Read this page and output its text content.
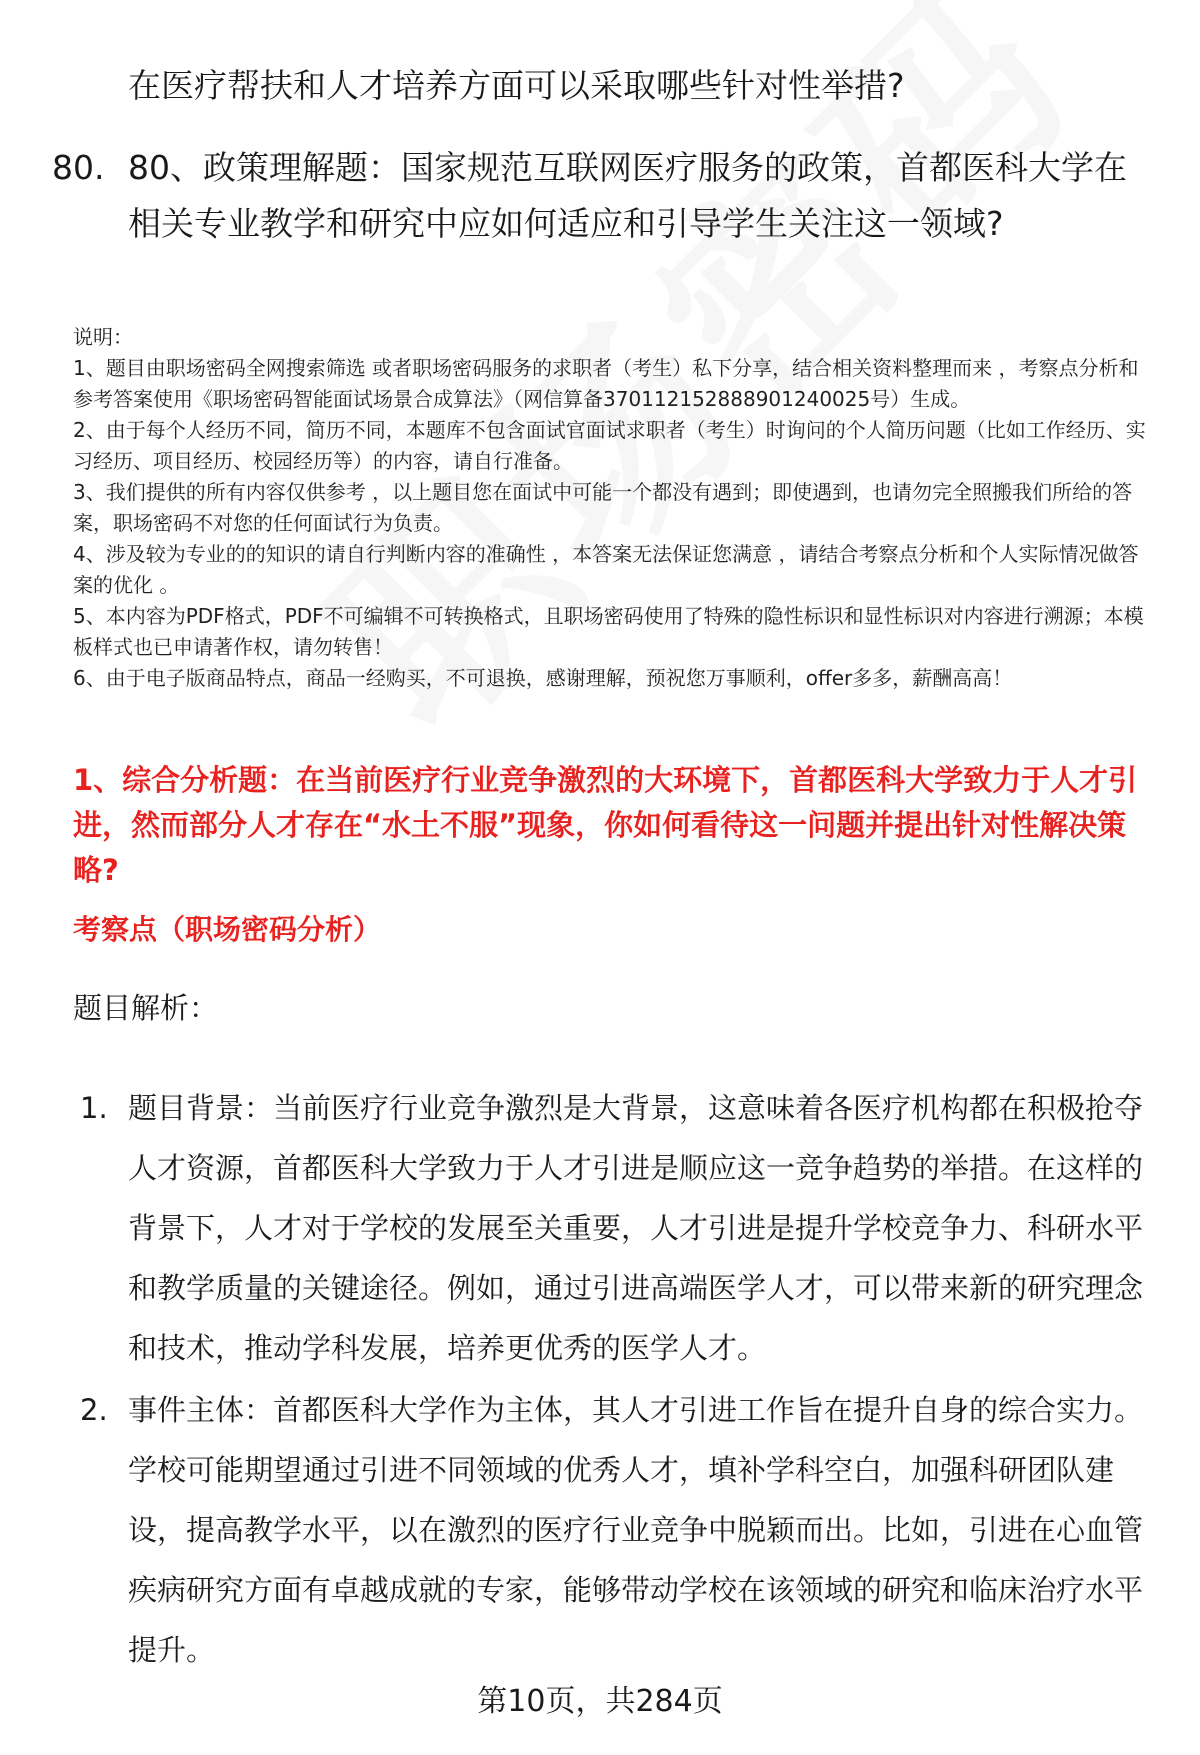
在医疗帮扶和人才培养方面可以采取哪些针对性举措?
80. 80、政策理解题：国家规范互联网医疗服务的政策，首都医科大学在相关专业教学和研究中应如何适应和引导学生关注这一领域?

说明：

1、题目由职场密码全网搜索筛选 或者职场密码服务的求职者（考生）私下分享，结合相关资料整理而来 ，考察点分析和参考答案使用《职场密码智能面试场景合成算法》（网信算备370112152888901240025号）生成。

2、由于每个人经历不同，简历不同，本题库不包含面试官面试求职者（考生）时询问的个人简历问题（比如工作经历、实习经历、项目经历、校园经历等）的内容，请自行准备。

3、我们提供的所有内容仅供参考 ，以上题目您在面试中可能一个都没有遇到；即使遇到，也请勿完全照搬我们所给的答案，职场密码不对您的任何面试行为负责。

4、涉及较为专业的的知识的请自行判断内容的准确性 ，本答案无法保证您满意 ，请结合考察点分析和个人实际情况做答案的优化 。

5、本内容为PDF格式，PDF不可编辑不可转换格式，且职场密码使用了特殊的隐性标识和显性标识对内容进行溯源；本模板样式也已申请著作权，请勿转售！

6、由于电子版商品特点，商品一经购买，不可退换，感谢理解，预祝您万事顺利，offer多多，薪酬高高！

1、综合分析题：在当前医疗行业竞争激烈的大环境下，首都医科大学致力于人才引进，然而部分人才存在“水土不服”现象，你如何看待这一问题并提出针对性解决策略?
考察点（职场密码分析）
题目解析：
1. 题目背景：当前医疗行业竞争激烈是大背景，这意味着各医疗机构都在积极抢夺人才资源，首都医科大学致力于人才引进是顺应这一竞争趋势的举措。在这样的背景下，人才对于学校的发展至关重要，人才引进是提升学校竞争力、科研水平和教学质量的关键途径。例如，通过引进高端医学人才，可以带来新的研究理念和技术，推动学科发展，培养更优秀的医学人才。
2. 事件主体：首都医科大学作为主体，其人才引进工作旨在提升自身的综合实力。学校可能期望通过引进不同领域的优秀人才，填补学科空白，加强科研团队建设，提高教学水平，以在激烈的医疗行业竞争中脱颖而出。比如，引进在心血管疾病研究方面有卓越成就的专家，能够带动学校在该领域的研究和临床治疗水平提升。
第10页，共284页
